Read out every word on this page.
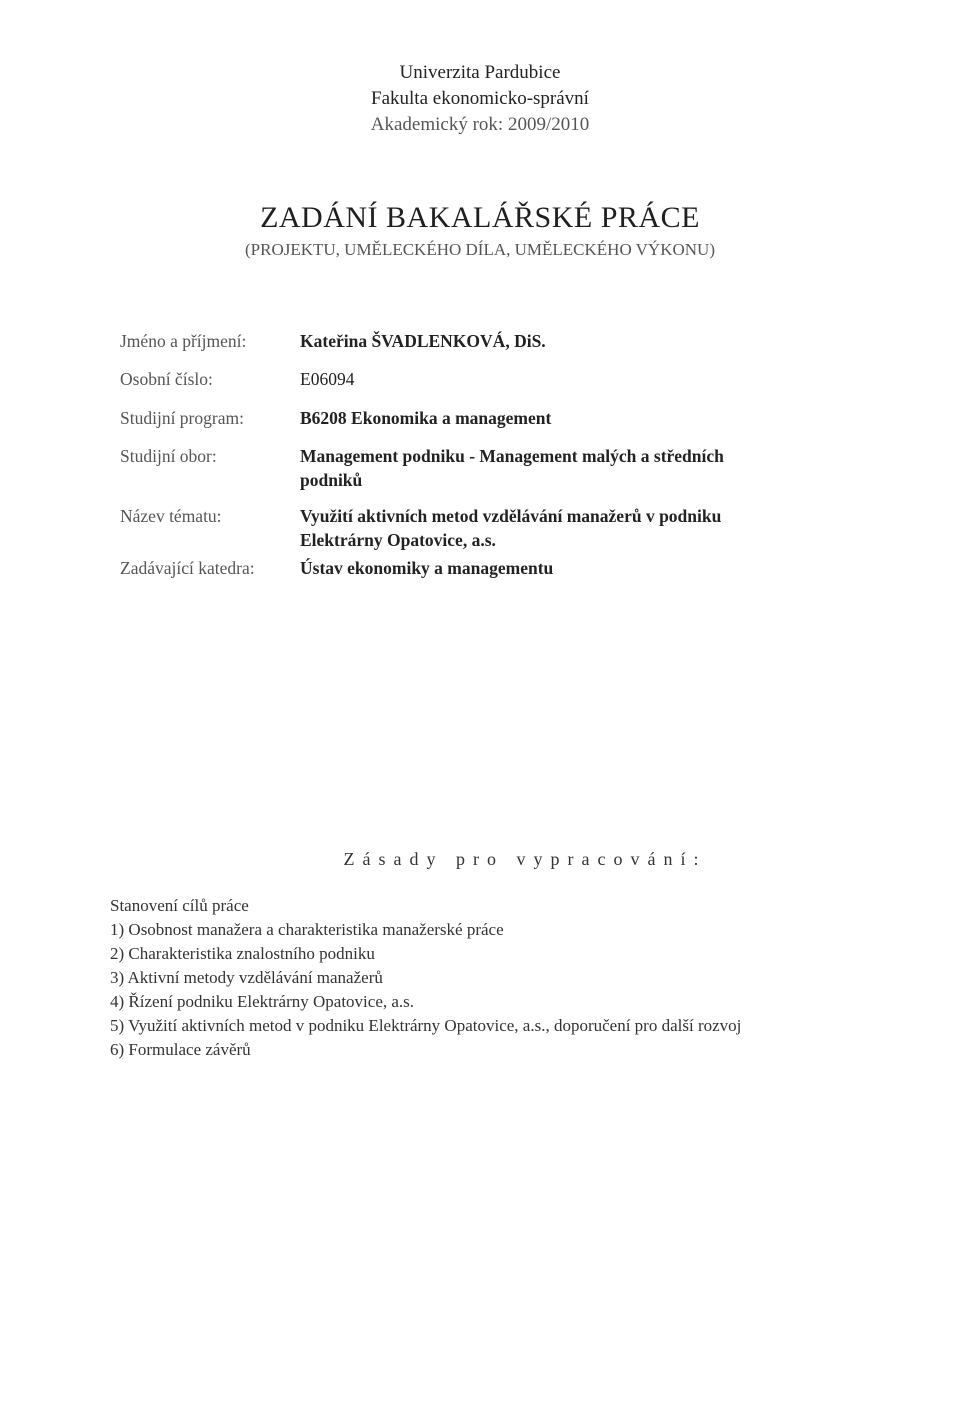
Univerzita Pardubice
Fakulta ekonomicko-správní
Akademický rok: 2009/2010
ZADÁNÍ BAKALÁŘSKÉ PRÁCE
(PROJEKTU, UMĚLECKÉHO DÍLA, UMĚLECKÉHO VÝKONU)
Jméno a příjmení:	Kateřina ŠVADLENKOVÁ, DiS.
Osobní číslo:	E06094
Studijní program:	B6208 Ekonomika a management
Studijní obor:	Management podniku - Management malých a středních
podniků
Název tématu:	Využití aktivních metod vzdělávání manažerů v podniku
Elektrárny Opatovice, a.s.
Zadávající katedra:	Ústav ekonomiky a managementu
Zásady pro vypracování:
Stanovení cílů práce
1) Osobnost manažera a charakteristika manažerské práce
2) Charakteristika znalostního podniku
3) Aktivní metody vzdělávání manažerů
4) Řízení podniku Elektrárny Opatovice, a.s.
5) Využití aktivních metod v podniku Elektrárny Opatovice, a.s., doporučení pro další rozvoj
6) Formulace závěrů
